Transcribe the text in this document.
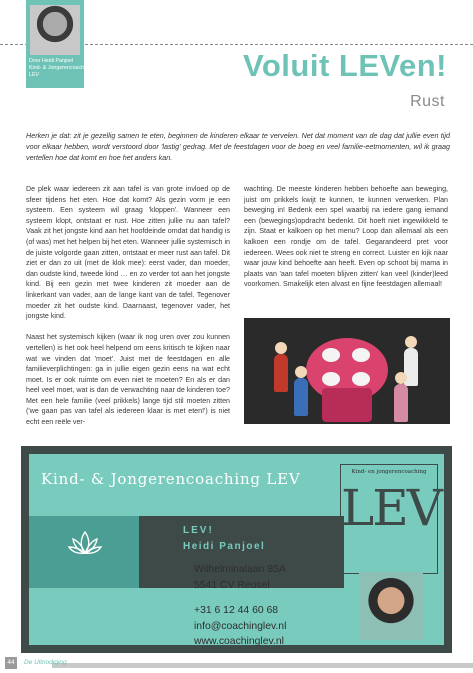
Door Heidi Panjoel
Kind- & Jongerencoaching
LEV	Voluit LEVen!
Rust

Herken je dat: zit je gezellig samen te eten, beginnen de kinderen elkaar te vervelen. Net dat moment van de dag dat jullie even tijd voor elkaar hebben, wordt verstoord door 'lastig' gedrag. Met de feestdagen voor de boeg en veel familie-eetmomenten, wil ik graag vertellen hoe dat komt en hoe het anders kan.

De plek waar iedereen zit aan tafel is van grote invloed op de sfeer tijdens het eten. Hoe dat komt? Als gezin vorm je een systeem. Een systeem wil graag 'kloppen'. Wanneer een systeem klopt, ontstaat er rust. Hoe zitten jullie nu aan tafel? Vaak zit het jongste kind aan het hoofdeinde omdat dat handig is (of was) met het helpen bij het eten. Wanneer jullie systemisch in de juiste volgorde gaan zitten, ontstaat er meer rust aan tafel. Dit ziet er dan zo uit (met de klok mee): eerst vader, dan moeder, dan oudste kind, tweede kind … en zo verder tot aan het jongste kind. Bij een gezin met twee kinderen zit moeder aan de linkerkant van vader, aan de lange kant van de tafel. Tegenover moeder zit het oudste kind. Daarnaast, tegenover vader, het jongste kind.

Naast het systemisch kijken (waar ik nog uren over zou kunnen vertellen) is het ook heel helpend om eens kritisch te kijken naar wat we vinden dat 'moet'. Juist met de feestdagen en alle familieverplichtingen: ga in jullie eigen gezin eens na wat echt moet. Is er ook ruimte om even niet te moeten? En als er dan heel veel moet, wat is dan de verwachting naar de kinderen toe? Met een hele familie (veel prikkels) lange tijd stil moeten zitten ('we gaan pas van tafel als iedereen klaar is met eten!') is niet echt een reële ver-

wachting. De meeste kinderen hebben behoefte aan beweging, juist om prikkels kwijt te kunnen, te kunnen verwerken. Plan beweging in! Bedenk een spel waarbij na iedere gang iemand een (bewegings)opdracht bedenkt. Dit hoeft niet ingewikkeld te zijn. Staat er kalkoen op het menu? Loop dan allemaal als een kalkoen een rondje om de tafel. Gegarandeerd pret voor iedereen. Wees ook niet te streng en correct. Luister en kijk naar waar jouw kind behoefte aan heeft. Even op schoot bij mama in plaats van 'aan tafel moeten blijven zitten' kan veel (kinder)leed voorkomen. Smakelijk eten alvast en fijne feestdagen allemaal!

Kind- & Jongerencoaching LEV
LEV!
Heidi Panjoel
Wilhelminalaan 85A
5541 CV Reusel
+31 6 12 44 60 68
info@coachinglev.nl
www.coachinglev.nl
Kind- en jongerencoaching
LEV
44	De Uitnodiging
